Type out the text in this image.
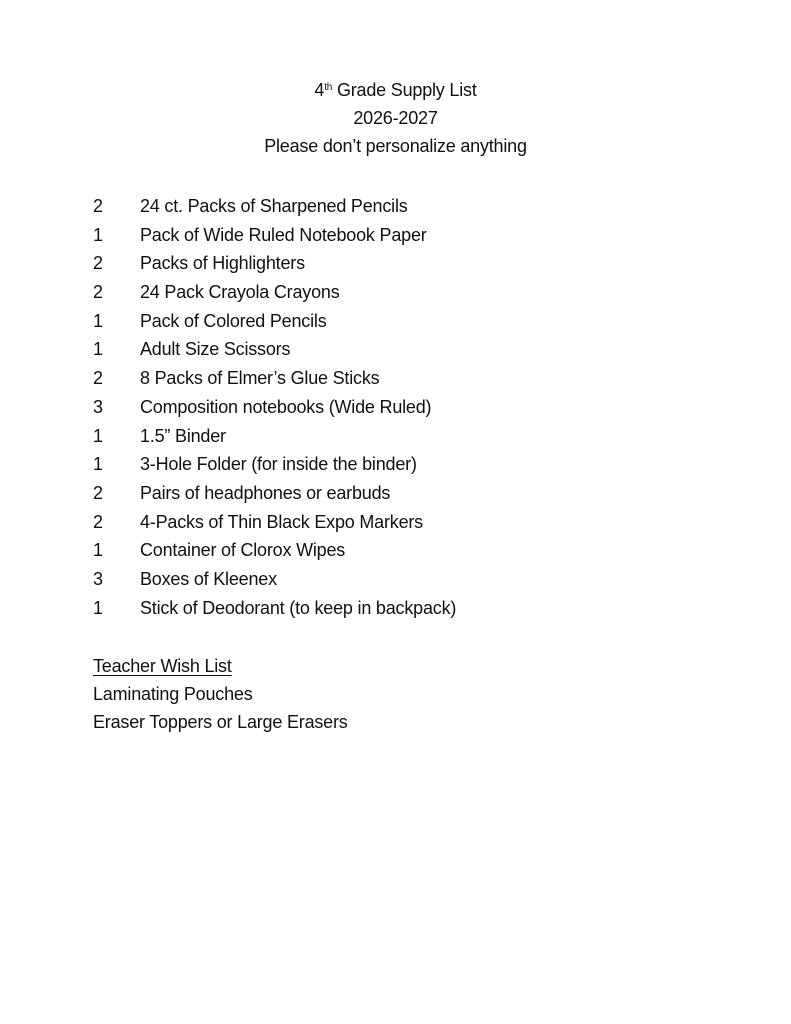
4th Grade Supply List
2026-2027
Please don’t personalize anything
2 24 ct. Packs of Sharpened Pencils
1 Pack of Wide Ruled Notebook Paper
2 Packs of Highlighters
2 24 Pack Crayola Crayons
1 Pack of Colored Pencils
1 Adult Size Scissors
2 8 Packs of Elmer’s Glue Sticks
3 Composition notebooks (Wide Ruled)
1 1.5” Binder
1 3-Hole Folder (for inside the binder)
2 Pairs of headphones or earbuds
2 4-Packs of Thin Black Expo Markers
1 Container of Clorox Wipes
3 Boxes of Kleenex
1 Stick of Deodorant (to keep in backpack)
Teacher Wish List
Laminating Pouches
Eraser Toppers or Large Erasers
